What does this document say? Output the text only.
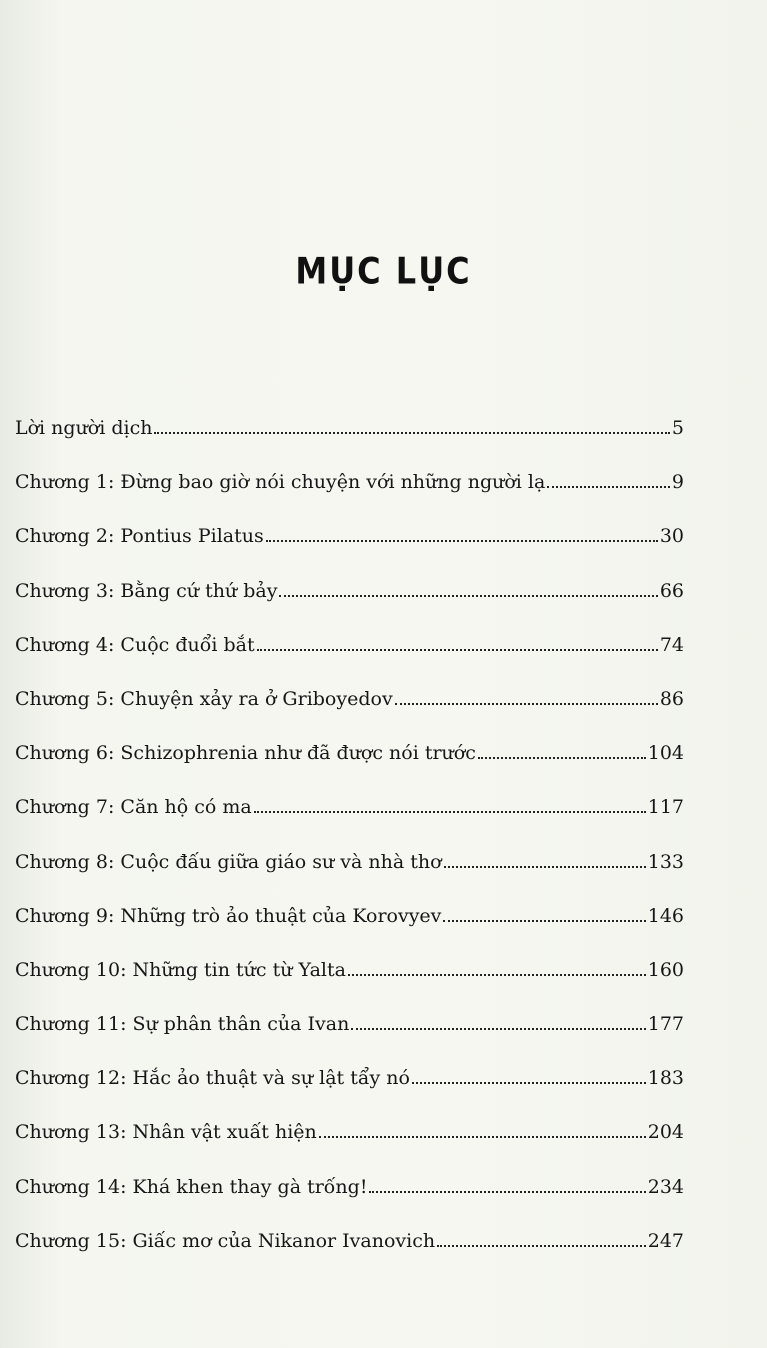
MỤC LỤC
Lời người dịch	5
Chương 1: Đừng bao giờ nói chuyện với những người lạ	9
Chương 2: Pontius Pilatus	30
Chương 3: Bằng cứ thứ bảy	66
Chương 4: Cuộc đuổi bắt	74
Chương 5: Chuyện xảy ra ở Griboyedov	86
Chương 6: Schizophrenia như đã được nói trước	104
Chương 7: Căn hộ có ma	117
Chương 8: Cuộc đấu giữa giáo sư và nhà thơ	133
Chương 9: Những trò ảo thuật của Korovyev	146
Chương 10: Những tin tức từ Yalta	160
Chương 11: Sự phân thân của Ivan	177
Chương 12: Hắc ảo thuật và sự lật tẩy nó	183
Chương 13: Nhân vật xuất hiện	204
Chương 14: Khá khen thay gà trống!	234
Chương 15: Giấc mơ của Nikanor Ivanovich	247
